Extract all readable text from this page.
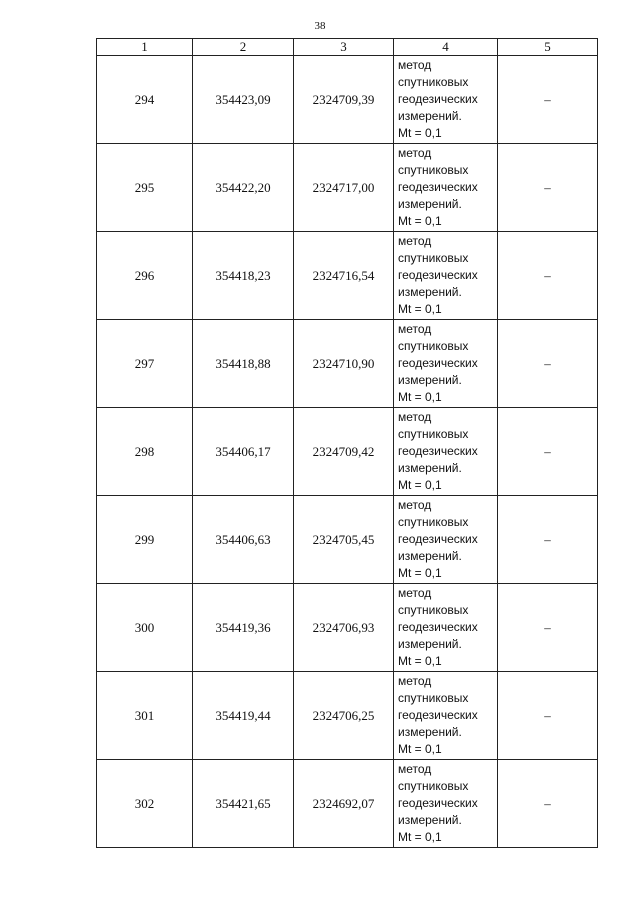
38
1	2	3	4	5
294	354423,09	2324709,39	метод
спутниковых
геодезических
измерений.
Mt = 0,1	–
295	354422,20	2324717,00	метод
спутниковых
геодезических
измерений.
Mt = 0,1	–
296	354418,23	2324716,54	метод
спутниковых
геодезических
измерений.
Mt = 0,1	–
297	354418,88	2324710,90	метод
спутниковых
геодезических
измерений.
Mt = 0,1	–
298	354406,17	2324709,42	метод
спутниковых
геодезических
измерений.
Mt = 0,1	–
299	354406,63	2324705,45	метод
спутниковых
геодезических
измерений.
Mt = 0,1	–
300	354419,36	2324706,93	метод
спутниковых
геодезических
измерений.
Mt = 0,1	–
301	354419,44	2324706,25	метод
спутниковых
геодезических
измерений.
Mt = 0,1	–
302	354421,65	2324692,07	метод
спутниковых
геодезических
измерений.
Mt = 0,1	–
